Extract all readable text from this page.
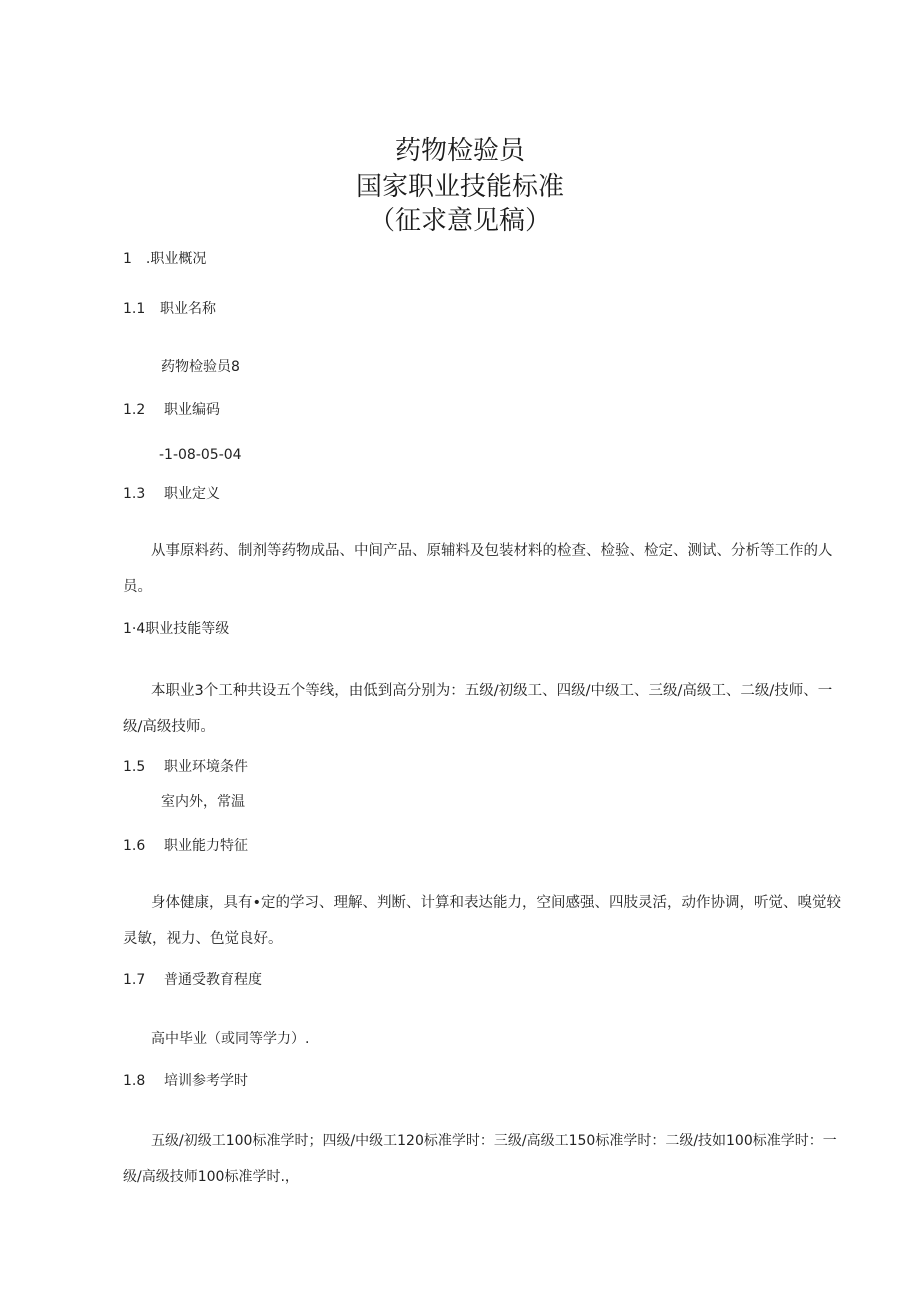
药物检验员
国家职业技能标准
（征求意见稿）
1 .职业概况
1.1 职业名称
药物检验员8
1.2 职业编码
-1-08-05-04
1.3 职业定义
从事原料药、制剂等药物成品、中间产品、原辅料及包装材料的检查、检验、检定、测试、分析等工作的人员。
1·4职业技能等级
本职业3个工种共设五个等线，由低到高分别为：五级/初级工、四级/中级工、三级/高级工、二级/技师、一级/高级技师。
1.5 职业环境条件
室内外，常温
1.6 职业能力特征
身体健康，具有•定的学习、理解、判断、计算和表达能力，空间感强、四肢灵活，动作协调，听觉、嗅觉较灵敏，视力、色觉良好。
1.7 普通受教育程度
高中毕业（或同等学力）.
1.8 培训参考学时
五级/初级工100标准学时；四级/中级工120标准学时：三级/高级工150标准学时：二级/技如100标准学时：一级/高级技师100标准学时.，
